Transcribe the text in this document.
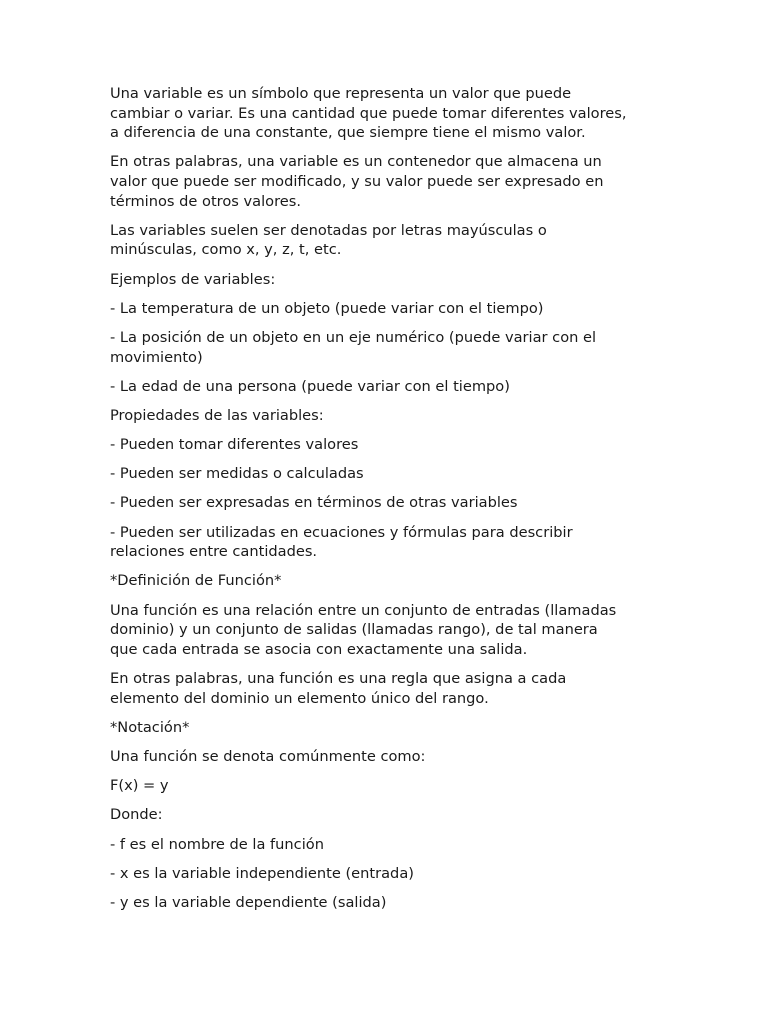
Una variable es un símbolo que representa un valor que puede
cambiar o variar. Es una cantidad que puede tomar diferentes valores,
a diferencia de una constante, que siempre tiene el mismo valor.

En otras palabras, una variable es un contenedor que almacena un
valor que puede ser modificado, y su valor puede ser expresado en
términos de otros valores.

Las variables suelen ser denotadas por letras mayúsculas o
minúsculas, como x, y, z, t, etc.

Ejemplos de variables:

- La temperatura de un objeto (puede variar con el tiempo)

- La posición de un objeto en un eje numérico (puede variar con el
movimiento)

- La edad de una persona (puede variar con el tiempo)

Propiedades de las variables:

- Pueden tomar diferentes valores

- Pueden ser medidas o calculadas

- Pueden ser expresadas en términos de otras variables

- Pueden ser utilizadas en ecuaciones y fórmulas para describir
relaciones entre cantidades.

*Definición de Función*

Una función es una relación entre un conjunto de entradas (llamadas
dominio) y un conjunto de salidas (llamadas rango), de tal manera
que cada entrada se asocia con exactamente una salida.

En otras palabras, una función es una regla que asigna a cada
elemento del dominio un elemento único del rango.

*Notación*

Una función se denota comúnmente como:

F(x) = y

Donde:

- f es el nombre de la función

- x es la variable independiente (entrada)

- y es la variable dependiente (salida)
